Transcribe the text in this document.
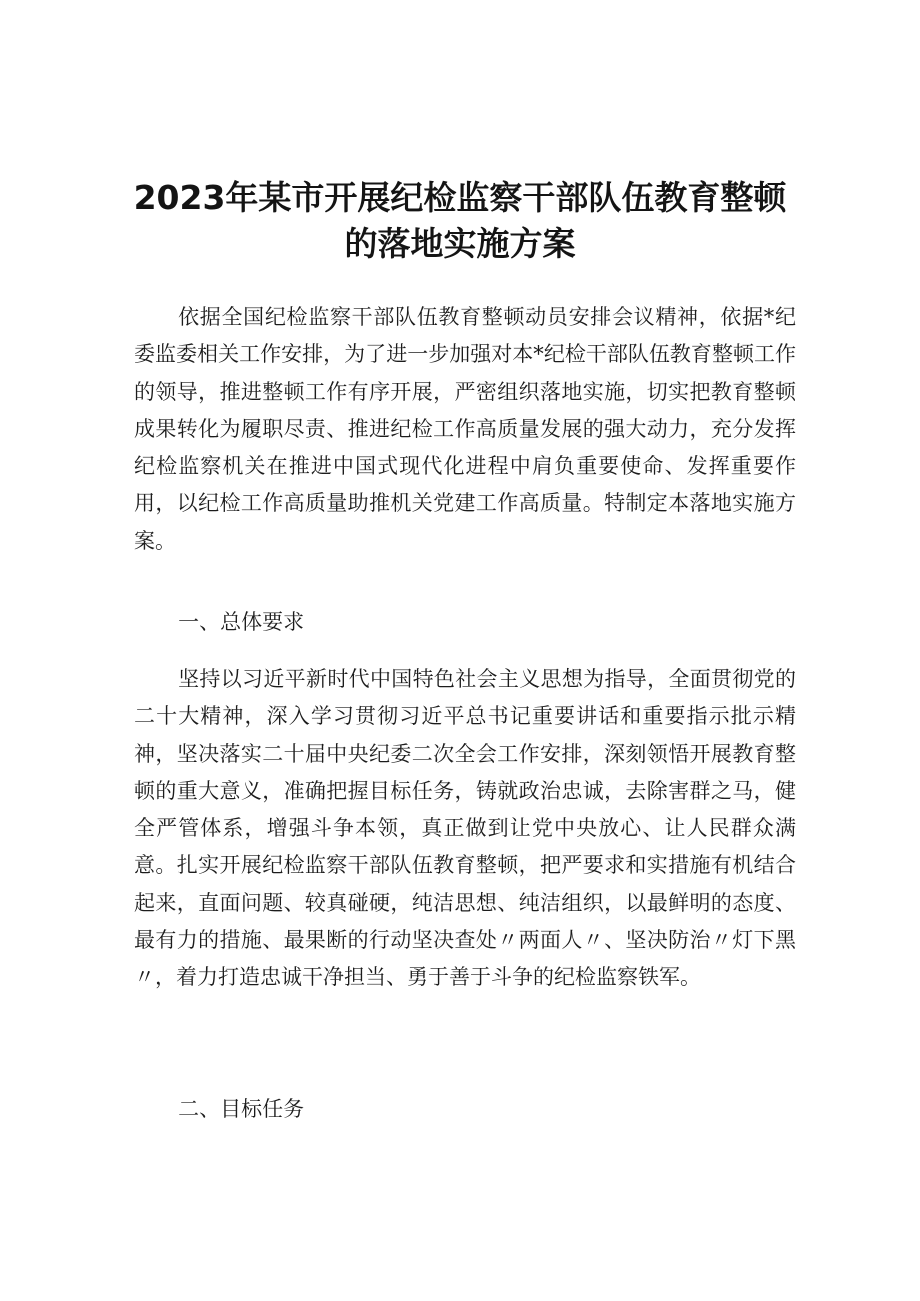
2023年某市开展纪检监察干部队伍教育整顿
的落地实施方案

依据全国纪检监察干部队伍教育整顿动员安排会议精神，依据*纪委监委相关工作安排，为了进一步加强对本*纪检干部队伍教育整顿工作的领导，推进整顿工作有序开展，严密组织落地实施，切实把教育整顿成果转化为履职尽责、推进纪检工作高质量发展的强大动力，充分发挥纪检监察机关在推进中国式现代化进程中肩负重要使命、发挥重要作用，以纪检工作高质量助推机关党建工作高质量。特制定本落地实施方案。

一、总体要求

坚持以习近平新时代中国特色社会主义思想为指导，全面贯彻党的二十大精神，深入学习贯彻习近平总书记重要讲话和重要指示批示精神，坚决落实二十届中央纪委二次全会工作安排，深刻领悟开展教育整顿的重大意义，准确把握目标任务，铸就政治忠诚，去除害群之马，健全严管体系，增强斗争本领，真正做到让党中央放心、让人民群众满意。扎实开展纪检监察干部队伍教育整顿，把严要求和实措施有机结合起来，直面问题、较真碰硬，纯洁思想、纯洁组织，以最鲜明的态度、最有力的措施、最果断的行动坚决查处〃两面人〃、坚决防治〃灯下黑〃，着力打造忠诚干净担当、勇于善于斗争的纪检监察铁军。

二、目标任务
